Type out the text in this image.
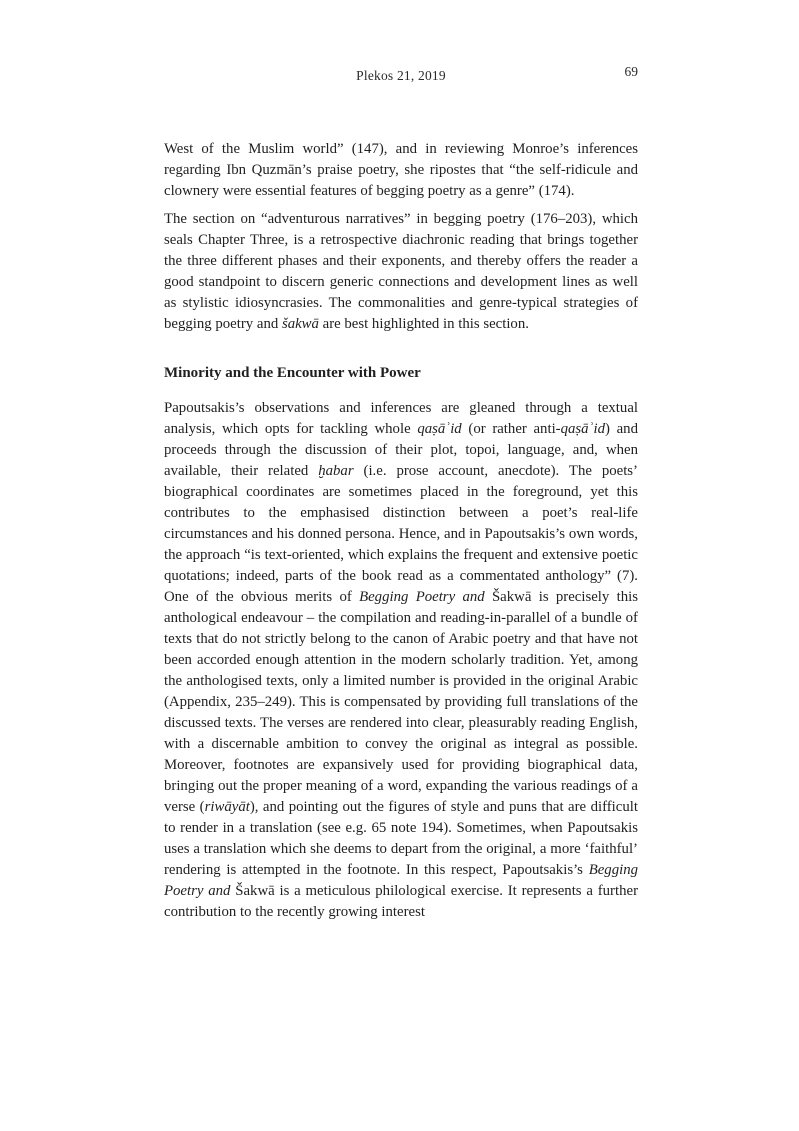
Plekos 21, 2019	69

West of the Muslim world” (147), and in reviewing Monroe’s inferences regarding Ibn Quzmān’s praise poetry, she ripostes that “the self-ridicule and clownery were essential features of begging poetry as a genre” (174).

The section on “adventurous narratives” in begging poetry (176–203), which seals Chapter Three, is a retrospective diachronic reading that brings together the three different phases and their exponents, and thereby offers the reader a good standpoint to discern generic connections and development lines as well as stylistic idiosyncrasies. The commonalities and genre-typical strategies of begging poetry and šakwā are best highlighted in this section.

Minority and the Encounter with Power

Papoutsakis’s observations and inferences are gleaned through a textual analysis, which opts for tackling whole qaṣāʾid (or rather anti-qaṣāʾid) and proceeds through the discussion of their plot, topoi, language, and, when available, their related ḫabar (i.e. prose account, anecdote). The poets’ biographical coordinates are sometimes placed in the foreground, yet this contributes to the emphasised distinction between a poet’s real-life circumstances and his donned persona. Hence, and in Papoutsakis’s own words, the approach “is text-oriented, which explains the frequent and extensive poetic quotations; indeed, parts of the book read as a commentated anthology” (7). One of the obvious merits of Begging Poetry and Šakwā is precisely this anthological endeavour – the compilation and reading-in-parallel of a bundle of texts that do not strictly belong to the canon of Arabic poetry and that have not been accorded enough attention in the modern scholarly tradition. Yet, among the anthologised texts, only a limited number is provided in the original Arabic (Appendix, 235–249). This is compensated by providing full translations of the discussed texts. The verses are rendered into clear, pleasurably reading English, with a discernable ambition to convey the original as integral as possible. Moreover, footnotes are expansively used for providing biographical data, bringing out the proper meaning of a word, expanding the various readings of a verse (riwāyāt), and pointing out the figures of style and puns that are difficult to render in a translation (see e.g. 65 note 194). Sometimes, when Papoutsakis uses a translation which she deems to depart from the original, a more ‘faithful’ rendering is attempted in the footnote. In this respect, Papoutsakis’s Begging Poetry and Šakwā is a meticulous philological exercise. It represents a further contribution to the recently growing interest
